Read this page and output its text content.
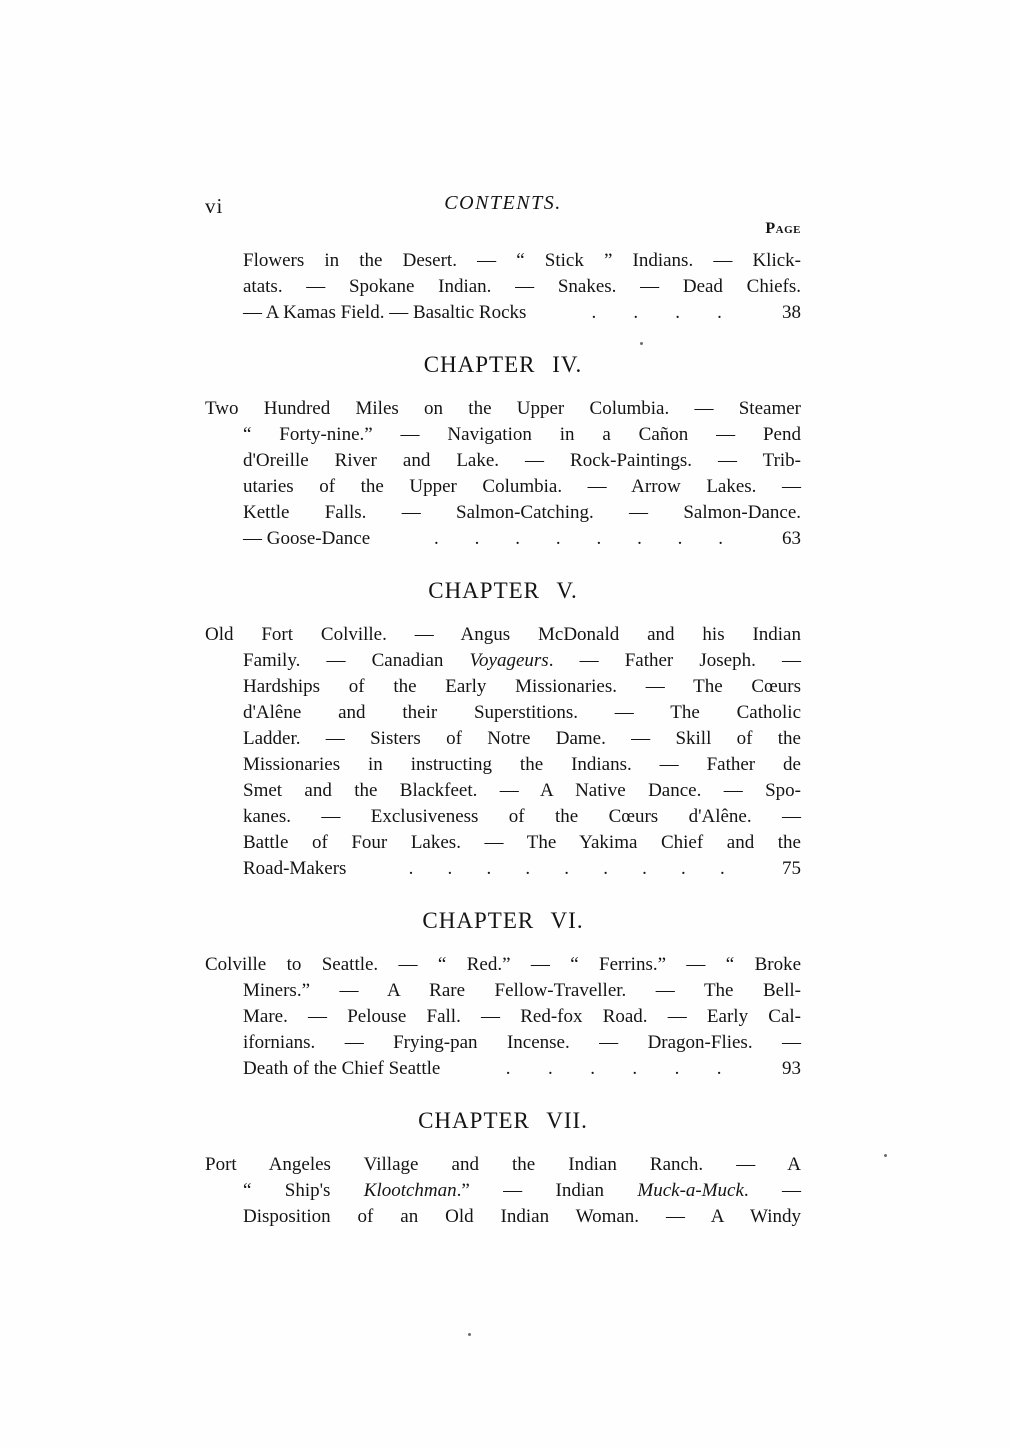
vi	CONTENTS.
Page
Flowers in the Desert. — “ Stick ” Indians. — Klick-
atats. — Spokane Indian. — Snakes. — Dead Chiefs.
— A Kamas Field. — Basaltic Rocks	. . . .	38
CHAPTER IV.
Two Hundred Miles on the Upper Columbia. — Steamer
“ Forty-nine.” — Navigation in a Cañon — Pend
d'Oreille River and Lake. — Rock-Paintings. — Trib-
utaries of the Upper Columbia. — Arrow Lakes. —
Kettle Falls. — Salmon-Catching. — Salmon-Dance.
— Goose-Dance	. . . . . . . .	63
CHAPTER V.
Old Fort Colville. — Angus McDonald and his Indian
Family. — Canadian Voyageurs. — Father Joseph. —
Hardships of the Early Missionaries. — The Cœurs
d'Alêne and their Superstitions. — The Catholic
Ladder. — Sisters of Notre Dame. — Skill of the
Missionaries in instructing the Indians. — Father de
Smet and the Blackfeet. — A Native Dance. — Spo-
kanes. — Exclusiveness of the Cœurs d'Alêne. —
Battle of Four Lakes. — The Yakima Chief and the
Road-Makers	. . . . . . . . .	75
CHAPTER VI.
Colville to Seattle. — “ Red.” — “ Ferrins.” — “ Broke
Miners.” — A Rare Fellow-Traveller. — The Bell-
Mare. — Pelouse Fall. — Red-fox Road. — Early Cal-
ifornians. — Frying-pan Incense. — Dragon-Flies. —
Death of the Chief Seattle	. . . . . .	93
CHAPTER VII.
Port Angeles Village and the Indian Ranch. — A
“ Ship's Klootchman.” — Indian Muck-a-Muck. —
Disposition of an Old Indian Woman. — A Windy
